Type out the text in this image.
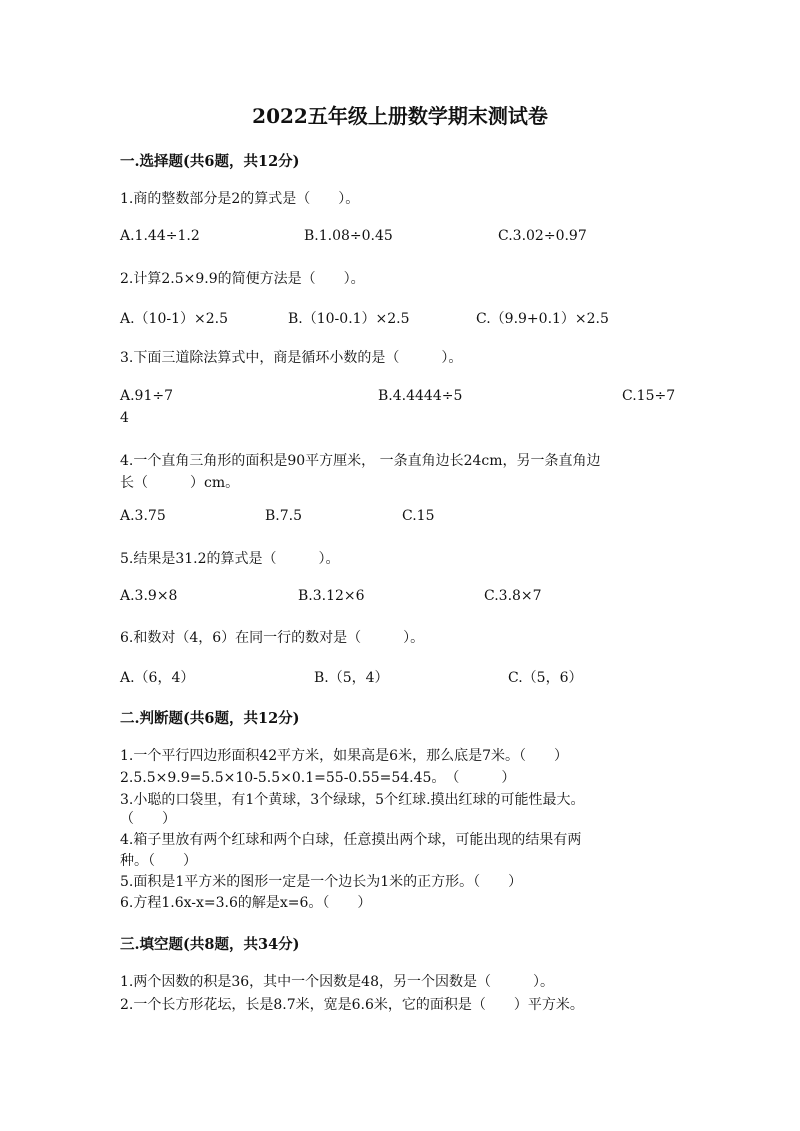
2022五年级上册数学期末测试卷
一.选择题(共6题，共12分)
1.商的整数部分是2的算式是（　　）。
A.1.44÷1.2	B.1.08÷0.45	C.3.02÷0.97
2.计算2.5×9.9的简便方法是（　　）。
A.（10-1）×2.5	B.（10-0.1）×2.5	C.（9.9+0.1）×2.5
3.下面三道除法算式中，商是循环小数的是（　　　）。
A.91÷7	B.4.4444÷5	C.15÷7
4
4.一个直角三角形的面积是90平方厘米， 一条直角边长24cm，另一条直角边
长（　　　）cm。
A.3.75	B.7.5	C.15
5.结果是31.2的算式是（　　　）。
A.3.9×8	B.3.12×6	C.3.8×7
6.和数对（4，6）在同一行的数对是（　　　）。
A.（6，4）	B.（5，4）	C.（5，6）
二.判断题(共6题，共12分)
1.一个平行四边形面积42平方米，如果高是6米，那么底是7米。（　　）
2.5.5×9.9=5.5×10-5.5×0.1=55-0.55=54.45。　（　　　）
3.小聪的口袋里，有1个黄球，3个绿球，5个红球.摸出红球的可能性最大。
（　　）
4.箱子里放有两个红球和两个白球，任意摸出两个球，可能出现的结果有两
种。（　　）
5.面积是1平方米的图形一定是一个边长为1米的正方形。（　　）
6.方程1.6x-x=3.6的解是x=6。（　　）
三.填空题(共8题，共34分)
1.两个因数的积是36，其中一个因数是48，另一个因数是（　　　）。
2.一个长方形花坛，长是8.7米，宽是6.6米，它的面积是（　　）平方米。
